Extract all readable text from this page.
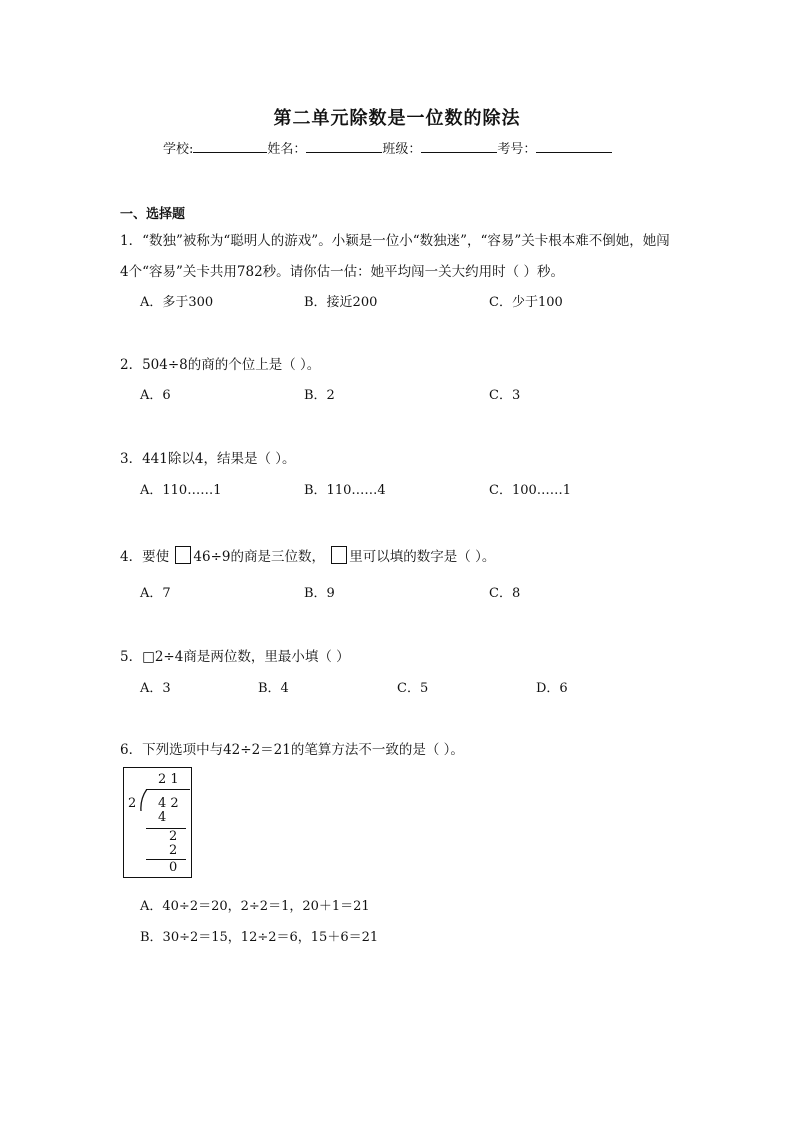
第二单元除数是一位数的除法
学校:	姓名：	班级：	考号：
一、选择题
1．“数独”被称为“聪明人的游戏”。小颖是一位小“数独迷”，“容易”关卡根本难不倒她，她闯
4个“容易”关卡共用782秒。请你估一估：她平均闯一关大约用时（ ）秒。
A．多于300	B．接近200	C．少于100
2．504÷8的商的个位上是（ ）。
A．6	B．2	C．3
3．441除以4，结果是（ ）。
A．110……1	B．110……4	C．100……1
4．要使 46÷9的商是三位数， 里可以填的数字是（ ）。
A．7	B．9	C．8
5．□2÷4商是两位数，里最小填（ ）
A．3	B．4	C．5	D．6
6．下列选项中与42÷2＝21的笔算方法不一致的是（ ）。
2 1
2 4 2
4
2
2
0
A．40÷2＝20，2÷2＝1，20＋1＝21
B．30÷2＝15，12÷2＝6，15＋6＝21
